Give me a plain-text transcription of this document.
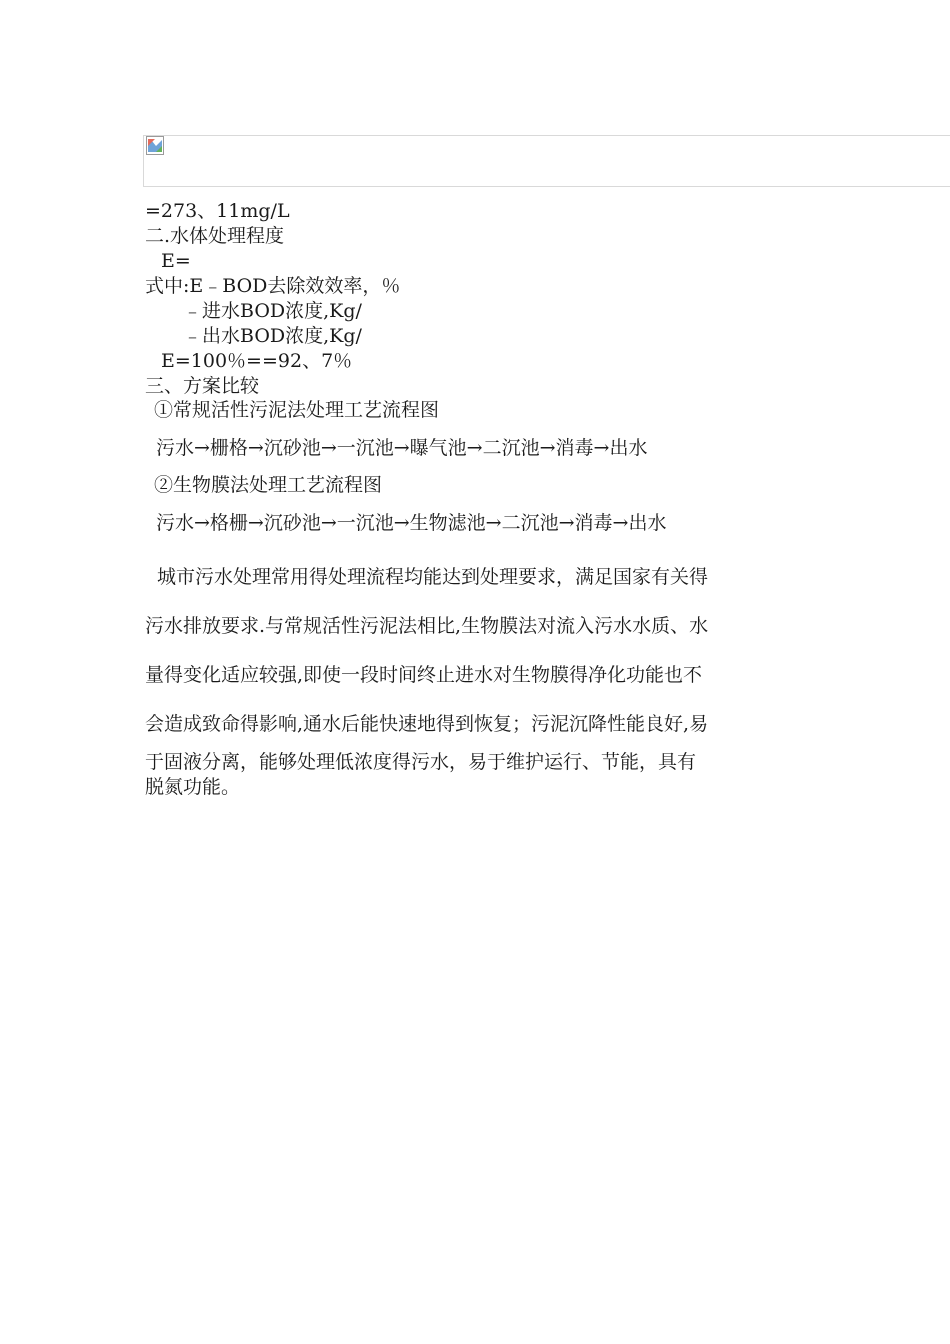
=273、11mg/L
二.水体处理程度
E=
式中:E﹣BOD去除效效率，％
﹣进水BOD浓度,Kg/
﹣出水BOD浓度,Kg/
E=100％==92、7％
三、方案比较
①常规活性污泥法处理工艺流程图
污水→栅格→沉砂池→一沉池→曝气池→二沉池→消毒→出水
②生物膜法处理工艺流程图
污水→格栅→沉砂池→一沉池→生物滤池→二沉池→消毒→出水
城市污水处理常用得处理流程均能达到处理要求，满足国家有关得
污水排放要求.与常规活性污泥法相比,生物膜法对流入污水水质、水
量得变化适应较强,即使一段时间终止进水对生物膜得净化功能也不
会造成致命得影响,通水后能快速地得到恢复；污泥沉降性能良好,易
于固液分离，能够处理低浓度得污水，易于维护运行、节能，具有
脱氮功能。
